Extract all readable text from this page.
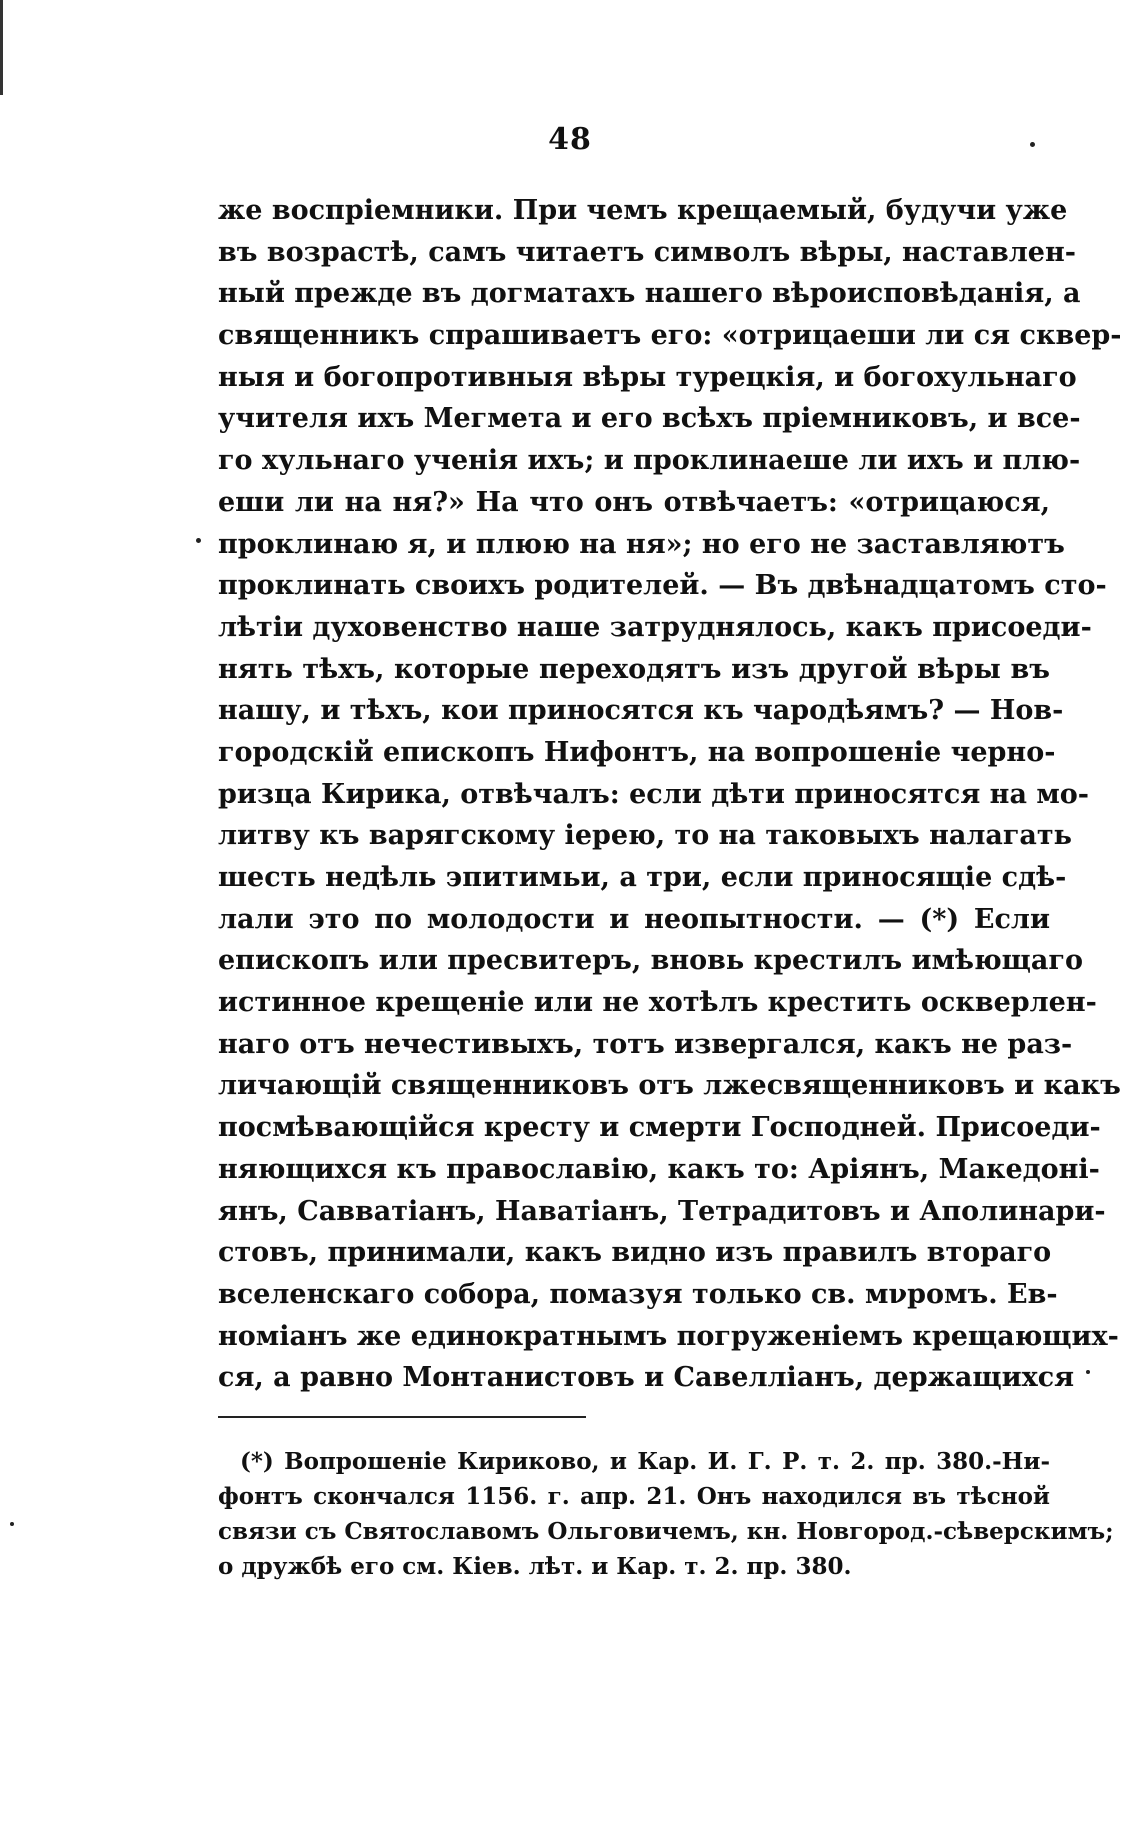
48
же воспріемники. При чемъ крещаемый, будучи уже
въ возрастѣ, самъ читаетъ символъ вѣры, наставлен-
ный прежде въ догматахъ нашего вѣроисповѣданія, а
священникъ спрашиваетъ его: «отрицаеши ли ся сквер-
ныя и богопротивныя вѣры турецкія, и богохульнаго
учителя ихъ Мегмета и его всѣхъ пріемниковъ, и все-
го хульнаго ученія ихъ; и проклинаеше ли ихъ и плю-
еши ли на ня?» На что онъ отвѣчаетъ: «отрицаюся,
проклинаю я, и плюю на ня»; но его не заставляютъ
проклинать своихъ родителей. — Въ двѣнадцатомъ сто-
лѣтіи духовенство наше затруднялось, какъ присоеди-
нять тѣхъ, которые переходятъ изъ другой вѣры въ
нашу, и тѣхъ, кои приносятся къ чародѣямъ? — Нов-
городскій епископъ Нифонтъ, на вопрошеніе черно-
ризца Кирика, отвѣчалъ: если дѣти приносятся на мо-
литву къ варягскому іерею, то на таковыхъ налагать
шесть недѣль эпитимьи, а три, если приносящіе сдѣ-
лали это по молодости и неопытности. — (*) Если
епископъ или пресвитеръ, вновь крестилъ имѣющаго
истинное крещеніе или не хотѣлъ крестить оскверлен-
наго отъ нечестивыхъ, тотъ извергался, какъ не раз-
личающій священниковъ отъ лжесвященниковъ и какъ
посмѣвающійся кресту и смерти Господней. Присоеди-
няющихся къ православію, какъ то: Аріянъ, Македоні-
янъ, Савватіанъ, Наватіанъ, Тетрадитовъ и Аполинари-
стовъ, принимали, какъ видно изъ правилъ втораго
вселенскаго собора, помазуя только св. мνромъ. Ев-
номіанъ же единократнымъ погруженіемъ крещающих-
ся, а равно Монтанистовъ и Савелліанъ, держащихся
(*) Вопрошеніе Кириково, и Кар. И. Г. Р. т. 2. пр. 380.-Ни-
фонтъ скончался 1156. г. апр. 21. Онъ находился въ тѣсной
связи съ Святославомъ Ольговичемъ, кн. Новгород.-сѣверскимъ;
о дружбѣ его см. Кіев. лѣт. и Кар. т. 2. пр. 380.
